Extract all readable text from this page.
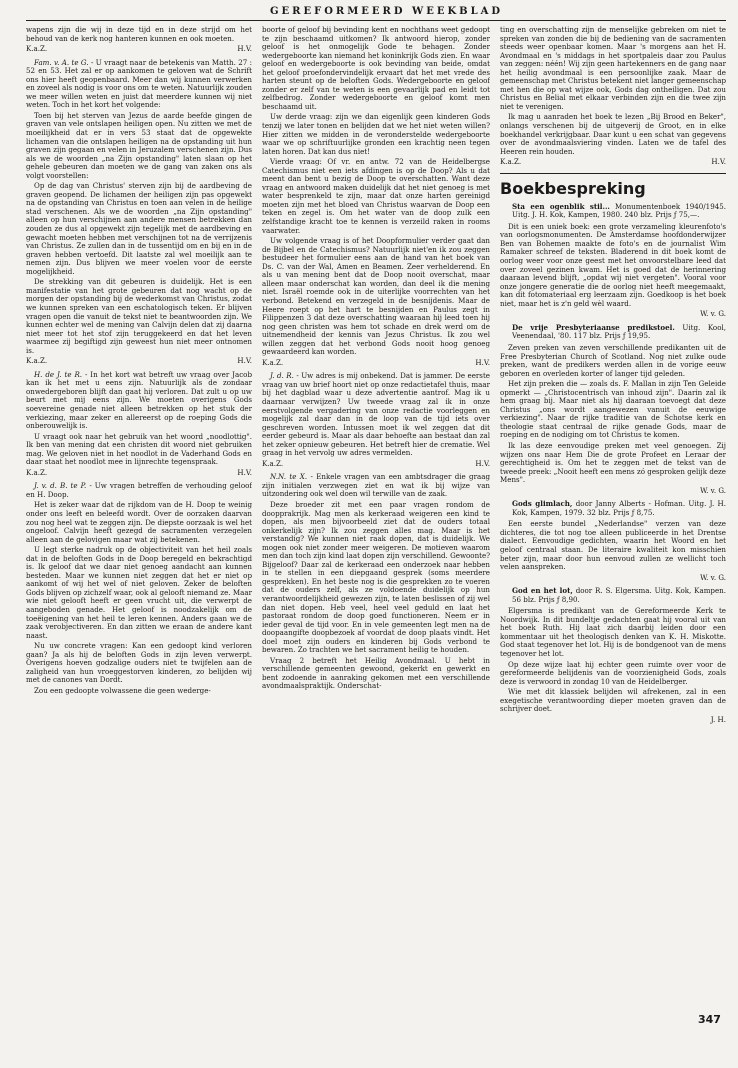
GEREFORMEERD WEEKBLAD

wapens zijn die wij in deze tijd en in deze strijd om het behoud van de kerk nog hanteren kunnen en ook moeten.

K.a.Z.	H.V.

Fam. v. A. te G. - U vraagt naar de betekenis van Matth. 27 : 52 en 53. Het zal er op aankomen te geloven wat de Schrift ons hier heeft geopenbaard. Meer dan wij kunnen verwerken en zoveel als nodig is voor ons om te weten. Natuurlijk zouden we meer willen weten en juist dat meerdere kunnen wij niet weten. Toch in het kort het volgende:

Toen bij het sterven van Jezus de aarde beefde gingen de graven van vele ontslapen heiligen open. Nu zitten we met de moeilijkheid dat er in vers 53 staat dat de opgewekte lichamen van die ontslapen heiligen na de opstanding uit hun graven zijn gegaan en velen in Jeruzalem verschenen zijn. Dus als we de woorden „na Zijn opstanding" laten slaan op het gehele gebeuren dan moeten we de gang van zaken ons als volgt voorstellen:

Op de dag van Christus' sterven zijn bij de aardbeving de graven geopend. De lichamen der heiligen zijn pas opgewekt na de opstanding van Christus en toen aan velen in de heilige stad verschenen. Als we de woorden „na Zijn opstanding" alleen op hun verschijnen aan andere mensen betrekken dan zouden ze dus al opgewekt zijn tegelijk met de aardbeving en gewacht moeten hebben met verschijnen tot na de verrijzenis van Christus. Ze zullen dan in de tussentijd om en bij en in de graven hebben vertoefd. Dit laatste zal wel moeilijk aan te nemen zijn. Dus blijven we meer voelen voor de eerste mogelijkheid.

De strekking van dit gebeuren is duidelijk. Het is een manifestatie van het grote gebeuren dat nog wacht op de morgen der opstanding bij de wederkomst van Christus, zodat we kunnen spreken van een eschatologisch teken. Er blijven vragen open die vanuit de tekst niet te beantwoorden zijn. We kunnen echter wel de mening van Calvijn delen dat zij daarna niet meer tot het stof zijn teruggekeerd en dat het leven waarmee zij begiftigd zijn geweest hun niet meer ontnomen is.

K.a.Z.	H.V.

H. de J. te R. - In het kort wat betreft uw vraag over Jacob kan ik het met u eens zijn. Natuurlijk als de zondaar onwedergeboren blijft dan gaat hij verloren. Dat zult u op uw beurt met mij eens zijn. We moeten overigens Gods soevereine genade niet alleen betrekken op het stuk der verkiezing, maar zeker en allereerst op de roeping Gods die onberouwelijk is.

U vraagt ook naar het gebruik van het woord „noodlottig". Ik ben van mening dat een christen dit woord niet gebruiken mag. We geloven niet in het noodlot in de Vaderhand Gods en daar staat het noodlot mee in lijnrechte tegenspraak.

K.a.Z.	H.V.

J. v. d. B. te P. - Uw vragen betreffen de verhouding geloof en H. Doop.

Het is zeker waar dat de rijkdom van de H. Doop te weinig onder ons leeft en beleefd wordt. Over de oorzaken daarvan zou nog heel wat te zeggen zijn. De diepste oorzaak is wel het ongeloof. Calvijn heeft gezegd de sacramenten verzegelen alleen aan de gelovigen maar wat zij betekenen.

U legt sterke nadruk op de objectiviteit van het heil zoals dat in de beloften Gods in de Doop beregeld en bekrachtigd is. Ik geloof dat we daar niet genoeg aandacht aan kunnen besteden. Maar we kunnen niet zeggen dat het er niet op aankomt of wij het wel of niet geloven. Zeker de beloften Gods blijven op zichzelf waar, ook al gelooft niemand ze. Maar wie niet gelooft heeft er geen vrucht uit, die verwerpt de aangeboden genade. Het geloof is noodzakelijk om de toeëigening van het heil te leren kennen. Anders gaan we de zaak verobjectiveren. En dan zitten we eraan de andere kant naast.

Nu uw concrete vragen: Kan een gedoopt kind verloren gaan? Ja als hij de beloften Gods in zijn leven verwerpt. Overigens hoeven godzalige ouders niet te twijfelen aan de zaligheid van hun vroeggestorven kinderen, zo belijden wij met de canones van Dordt.

Zou een gedoopte volwassene die geen wederge-

boorte of geloof bij bevinding kent en nochthans weet gedoopt te zijn beschaamd uitkomen? Ik antwoord hierop, zonder geloof is het onmogelijk Gode te behagen. Zonder wedergeboorte kan niemand het koninkrijk Gods zien. En waar geloof en wedergeboorte is ook bevinding van beide, omdat het geloof proefondervindelijk ervaart dat het met vrede des harten steunt op de beloften Gods. Wedergeboorte en geloof zonder er zelf van te weten is een gevaarlijk pad en leidt tot zelfbedrog. Zonder wedergeboorte en geloof komt men beschaamd uit.

Uw derde vraag: zijn we dan eigenlijk geen kinderen Gods tenzij we later tonen en belijden dat we het niet weten willen? Hier zitten we midden in de veronderstelde wedergeboorte waar we op schriftuurlijke gronden een krachtig neen tegen laten horen. Dat kan dus niet!

Vierde vraag: Of vr. en antw. 72 van de Heidelbergse Catechismus niet een iets afdingen is op de Doop? Als u dat meent dan bent u bezig de Doop te overschatten. Want deze vraag en antwoord maken duidelijk dat het niet genoeg is met water besprenkeld te zijn, maar dat onze harten gereinigd moeten zijn met het bloed van Christus waarvan de Doop een teken en zegel is. Om het water van de doop zulk een zelfstandige kracht toe te kennen is verzeild raken in rooms vaarwater.

Uw volgende vraag is of het Doopformulier verder gaat dan de Bijbel en de Catechismus? Natuurlijk niet'en ik zou zeggen bestudeer het formulier eens aan de hand van het boek van Ds. C. van der Wal, Amen en Beamen. Zeer verhelderend. En als u van mening bent dat de Doop nooit overschat, maar alleen maar onderschat kan worden, dan deel ik die mening niet. Israël roemde ook in de uiterlijke voorrechten van het verbond. Betekend en verzegeld in de besnijdenis. Maar de Heere roept op het hart te besnijden en Paulus zegt in Filippenzen 3 dat deze overschatting waaraan hij leed toen hij nog geen christen was hem tot schade en drek werd om de uitnemendheid der kennis van Jezus Christus. Ik zou wel willen zeggen dat het verbond Gods nooit hoog genoeg gewaardeerd kan worden.

K.a.Z.	H.V.

J. d. R. - Uw adres is mij onbekend. Dat is jammer. De eerste vraag van uw brief hoort niet op onze redactietafel thuis, maar bij het dagblad waar u deze advertentie aantrof. Mag ik u daarnaar verwijzen? Uw tweede vraag zal ik in onze eerstvolgende vergadering van onze redactie voorleggen en mogelijk zal daar dan in de loop van de tijd iets over geschreven worden. Intussen moet ik wel zeggen dat dit eerder gebeurd is. Maar als daar behoefte aan bestaat dan zal het zeker opnieuw gebeuren. Het betreft hier de crematie. Wel graag in het vervolg uw adres vermelden.

K.a.Z.	H.V.

N.N. te X. - Enkele vragen van een ambtsdrager die graag zijn initialen verzwegen ziet en wat ik bij wijze van uitzondering ook wel doen wil terwille van de zaak.

Deze broeder zit met een paar vragen rondom de doopprakrijk. Mag men als kerkeraad weigeren een kind te dopen, als men bijvoorbeeld ziet dat de ouders totaal onkerkelijk zijn? Ik zou zeggen alles mag. Maar is het verstandig? We kunnen niet raak dopen, dat is duidelijk. We mogen ook niet zonder meer weigeren. De motieven waarom men dan toch zijn kind laat dopen zijn verschillend. Gewoonte? Bijgeloof? Daar zal de kerkeraad een onderzoek naar hebben in te stellen in een diepgaand gesprek (soms meerdere gesprekken). En het beste nog is die gesprekken zo te voeren dat de ouders zelf, als ze voldoende duidelijk op hun verantwoordelijkheid gewezen zijn, te laten beslissen of zij wel dan niet dopen. Heb veel, heel veel geduld en laat het pastoraat rondom de doop goed functioneren. Neem er in ieder geval de tijd voor. En in vele gemeenten legt men na de doopaangifte doopbezoek af voordat de doop plaats vindt. Het doel moet zijn ouders en kinderen bij Gods verbond te bewaren. Zo trachten we het sacrament heilig te houden.

Vraag 2 betreft het Heilig Avondmaal. U hebt in verschillende gemeenten gewoond, gekerkt en gewerkt en bent zodoende in aanraking gekomen met een verschillende avondmaalspraktijk. Onderschat-

ting en overschatting zijn de menselijke gebreken om niet te spreken van zonden die bij de bediening van de sacramenten steeds weer openbaar komen. Maar 's morgens aan het H. Avondmaal en 's middags in het sportpaleis daar zou Paulus van zeggen: néén! Wij zijn geen hartekenners en de gang naar het heilig avondmaal is een persoonlijke zaak. Maar de gemeenschap met Christus betekent niet langer gemeenschap met hen die op wat wijze ook, Gods dag ontheiligen. Dat zou Christus en Belial met elkaar verbinden zijn en die twee zijn niet te verenigen.

Ik mag u aanraden het boek te lezen „Bij Brood en Beker", onlangs verschenen bij de uitgeverij de Groot, en in elke boekhandel verkrijgbaar. Daar kunt u een schat van gegevens over de avondmaalsviering vinden. Laten we de tafel des Heeren rein houden.

K.a.Z.	H.V.
Boekbespreking
Sta een ogenblik stil... Monumentenboek 1940/1945. Uitg. J. H. Kok, Kampen, 1980. 240 blz. Prijs ƒ 75,—.

Dit is een uniek boek: een grote verzameling kleurenfoto's van oorlogsmonumenten. De Amsterdamse hoofdonderwijzer Ben van Bohemen maakte de foto's en de journalist Wim Ramaker schreef de teksten. Bladerend in dit boek komt de oorlog weer voor onze geest met het onvoorstelbare leed dat over zoveel gezinen kwam. Het is goed dat de herinnering daaraan levend blijft, „opdat wij niet vergeten". Vooral voor onze jongere generatie die de oorlog niet heeft meegemaakt, kan dit fotomateriaal erg leerzaam zijn. Goedkoop is het boek niet, maar het is z'n geld wèl waard.

W. v. G.
De vrije Presbyteriaanse predikstoel. Uitg. Kool, Veenendaal, '80. 117 blz. Prijs ƒ 19,95.

Zeven preken van zeven verschillende predikanten uit de Free Presbyterian Church of Scotland. Nog niet zulke oude preken, want de predikers werden allen in de vorige eeuw geboren en overleden korter of langer tijd geleden.

Het zijn preken die — zoals ds. F. Mallan in zijn Ten Geleide opmerkt — „Christocentrisch van inhoud zijn". Daarin zal ik hem graag bij. Maar niet als hij daaraan toevoegt dat deze Christus „ons wordt aangewezen vanuit de eeuwige verkiezing". Naar de rijke traditie van de Schotse kerk en theologie staat centraal de rijke genade Gods, maar de roeping en de nodiging om tot Christus te komen.

Ik las deze eenvoudige preken met veel genoegen. Zij wijzen ons naar Hem Die de grote Profeet en Leraar der gerechtigheid is. Om het te zeggen met de tekst van de tweede preek: „Nooit heeft een mens zó gesproken gelijk deze Mens".

W. v. G.
Gods glimlach, door Janny Alberts - Hofman. Uitg. J. H. Kok, Kampen, 1979. 32 blz. Prijs ƒ 8,75.

Een eerste bundel „Nederlandse" verzen van deze dichteres, die tot nog toe alleen publiceerde in het Drentse dialect. Eenvoudige gedichten, waarin het Woord en het geloof centraal staan. De literaire kwaliteit kon misschien beter zijn, maar door hun eenvoud zullen ze wellicht toch velen aanspreken.

W. v. G.
God en het lot, door R. S. Elgersma. Uitg. Kok, Kampen. 56 blz. Prijs ƒ 8,90.

Elgersma is predikant van de Gereformeerde Kerk te Noordwijk. In dit bundeltje gedachten gaat hij vooral uit van het boek Ruth. Hij laat zich daarbij leiden door een kommentaar uit het theologisch denken van K. H. Miskotte. God staat tegenover het lot. Hij is de bondgenoot van de mens tegenover het lot.

Op deze wijze laat hij echter geen ruimte over voor de gereformeerde belijdenis van de voorzienigheid Gods, zoals deze is verwoord in zondag 10 van de Heidelberger.

Wie met dit klassiek belijden wil afrekenen, zal in een exegetische verantwoording dieper moeten graven dan de schrijver doet.

J. H.
347
